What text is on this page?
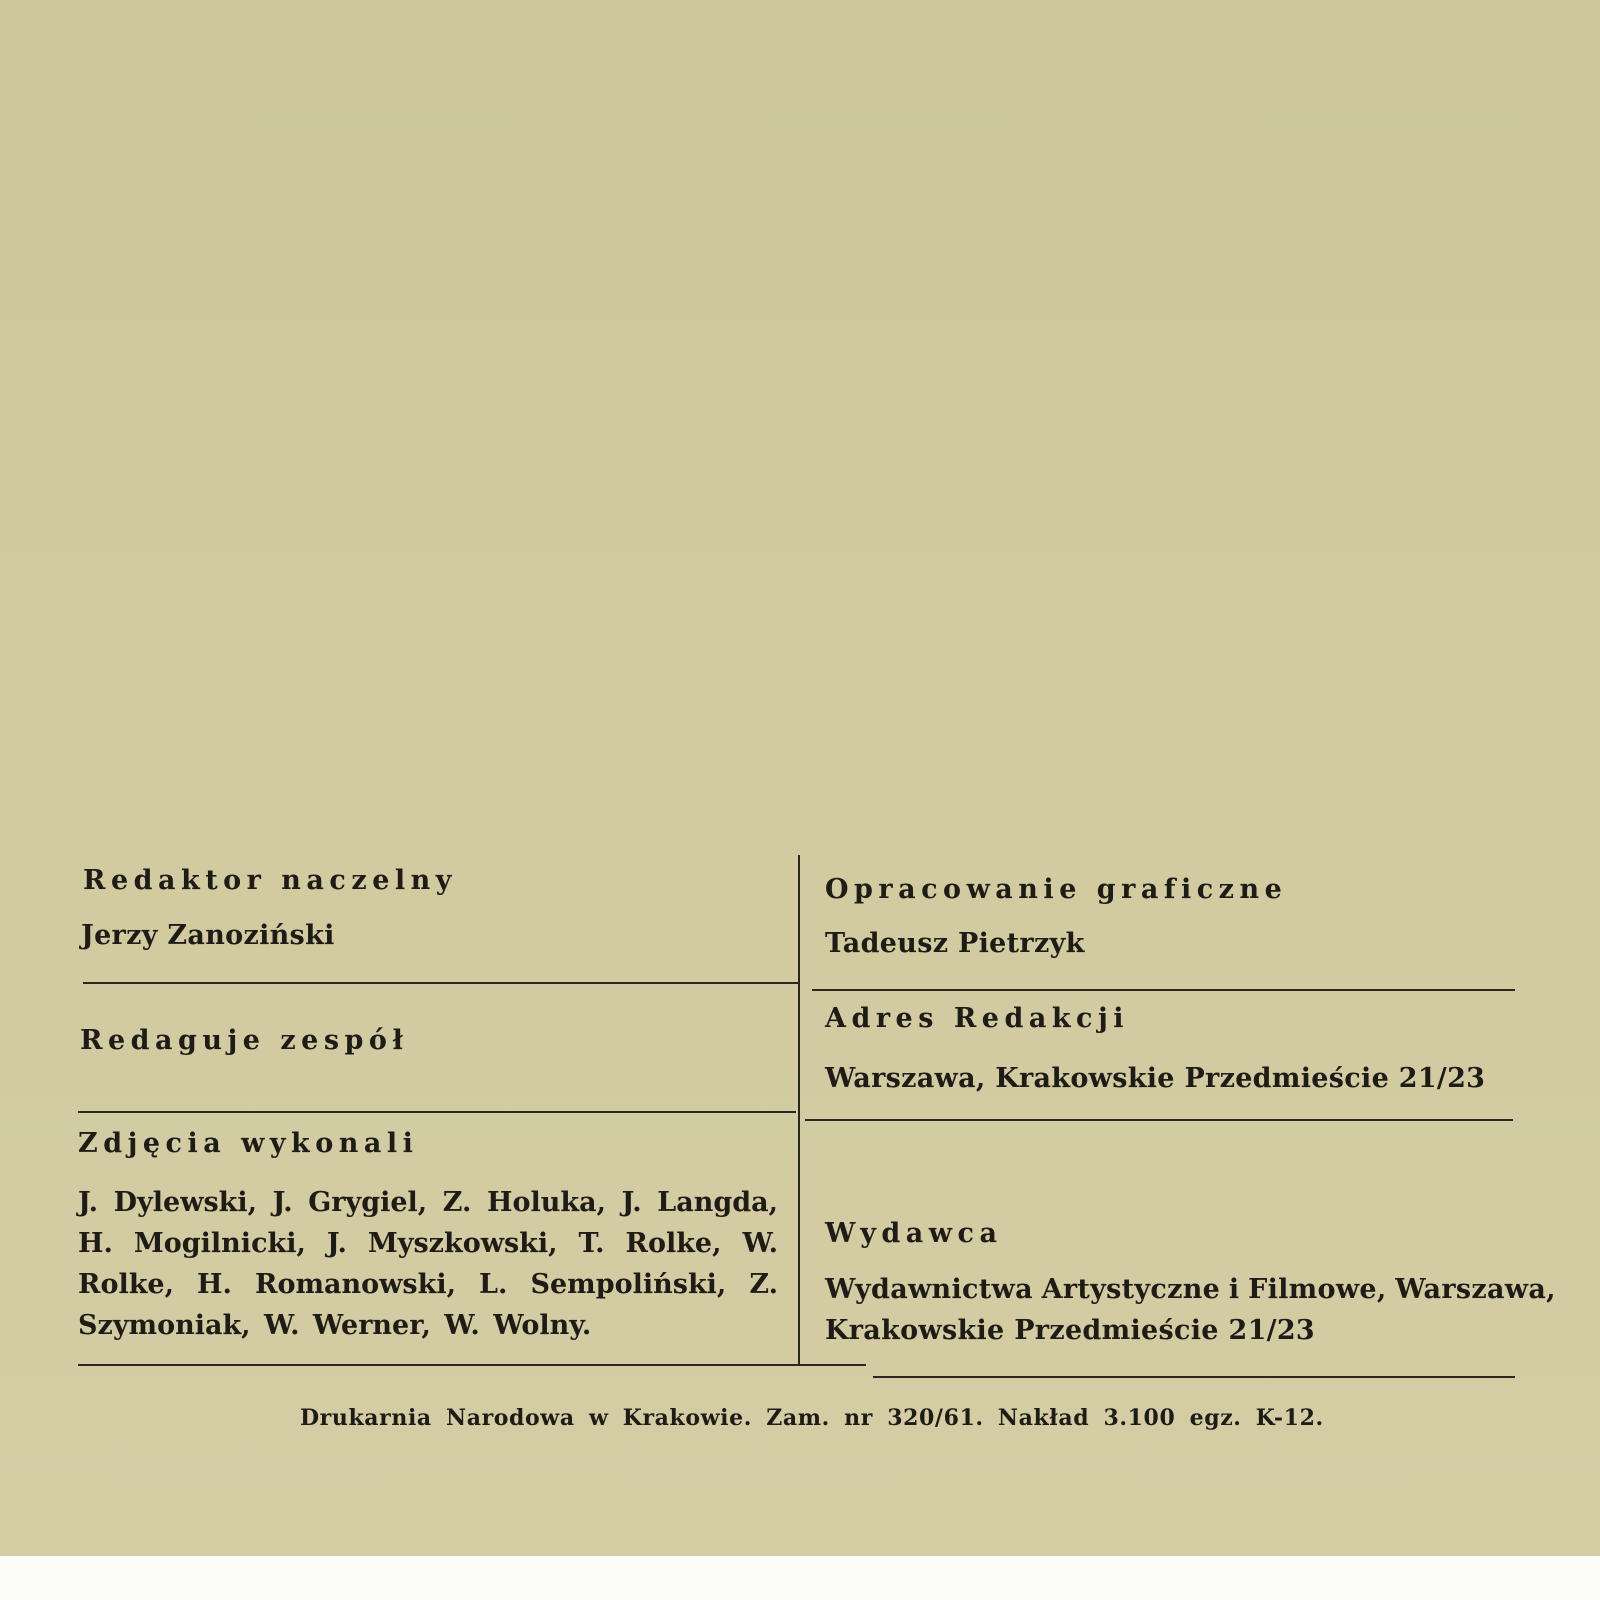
Redaktor naczelny

Jerzy Zanoziński

Redaguje zespół

Zdjęcia wykonali

J. Dylewski, J. Grygiel, Z. Holuka, J. Langda, H. Mogilnicki, J. Myszkowski, T. Rolke, W. Rolke, H. Romanowski, L. Sempoliński, Z. Szymoniak, W. Werner, W. Wolny.

Opracowanie graficzne

Tadeusz Pietrzyk

Adres Redakcji

Warszawa, Krakowskie Przedmieście 21/23

Wydawca

Wydawnictwa Artystyczne i Filmowe, Warszawa,

Krakowskie Przedmieście 21/23

Drukarnia Narodowa w Krakowie. Zam. nr 320/61. Nakład 3.100 egz. K-12.
